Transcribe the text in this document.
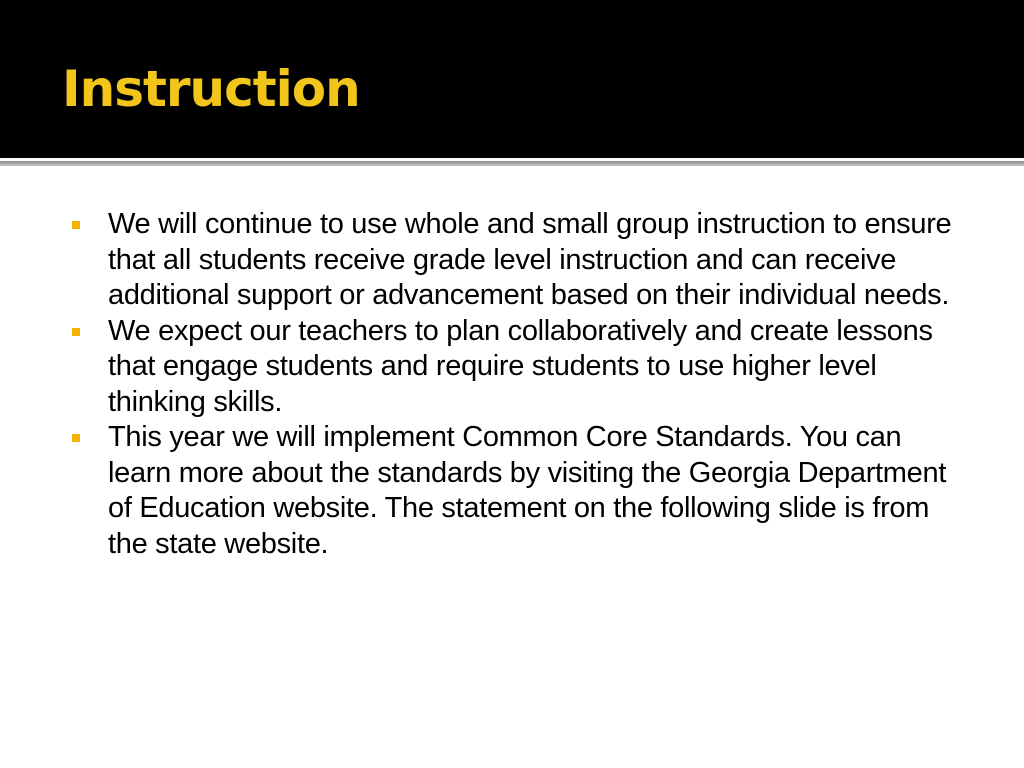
Instruction
We will continue to use whole and small group instruction to ensure that all students receive grade level instruction and can receive additional support or advancement based on their individual needs.
We expect our teachers to plan collaboratively and create lessons that engage students and require students to use higher level thinking skills.
This year we will implement Common Core Standards. You can learn more about the standards by visiting the Georgia Department of Education website. The statement on the following slide is from the state website.
